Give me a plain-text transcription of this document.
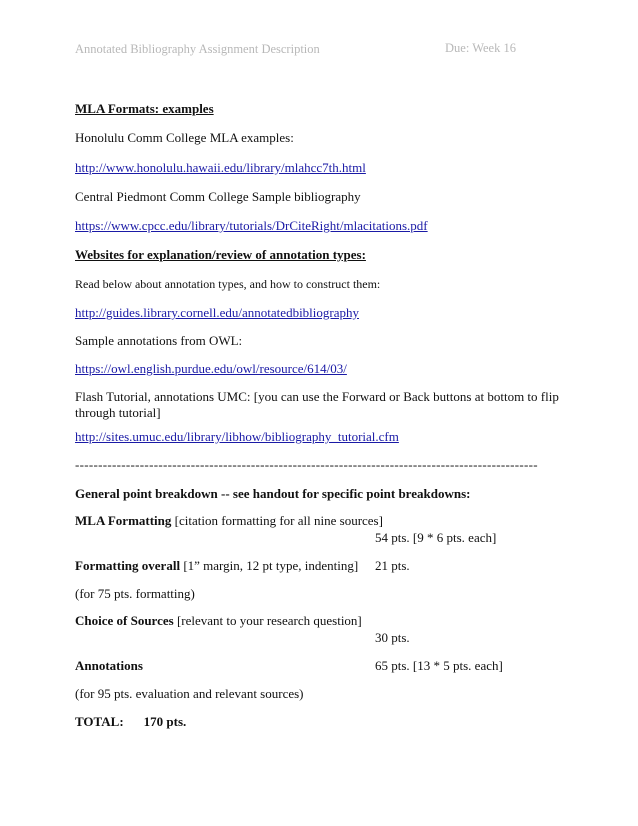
Annotated Bibliography Assignment Description	Due: Week 16
MLA Formats: examples
Honolulu Comm College MLA examples:
http://www.honolulu.hawaii.edu/library/mlahcc7th.html
Central Piedmont Comm College Sample bibliography
https://www.cpcc.edu/library/tutorials/DrCiteRight/mlacitations.pdf
Websites for explanation/review of annotation types:
Read below about annotation types, and how to construct them:
http://guides.library.cornell.edu/annotatedbibliography
Sample annotations from OWL:
https://owl.english.purdue.edu/owl/resource/614/03/
Flash Tutorial, annotations UMC: [you can use the Forward or Back buttons at bottom to flip
through tutorial]
http://sites.umuc.edu/library/libhow/bibliography_tutorial.cfm
----------------------------------------------------------------------------------------------------
General point breakdown -- see handout for specific point breakdowns:
MLA Formatting [citation formatting for all nine sources]
54 pts. [9 * 6 pts. each]
Formatting overall [1” margin, 12 pt type, indenting] 21 pts.
(for 75 pts. formatting)
Choice of Sources [relevant to your research question]
30 pts.
Annotations	65 pts. [13 * 5 pts. each]
(for 95 pts. evaluation and relevant sources)
TOTAL: 170 pts.
